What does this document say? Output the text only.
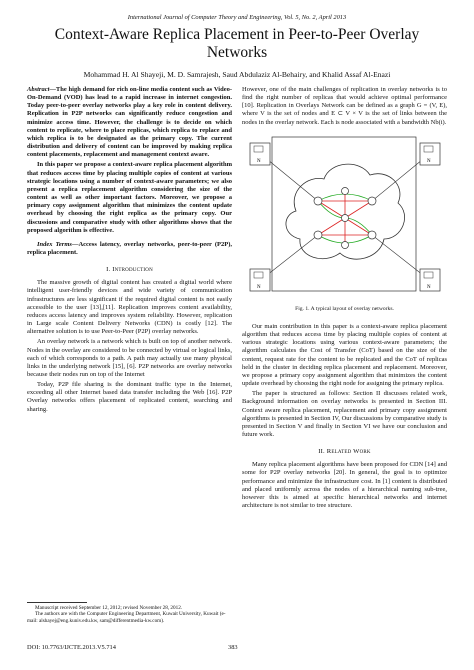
International Journal of Computer Theory and Engineering, Vol. 5, No. 2, April 2013
Context-Aware Replica Placement in Peer-to-Peer Overlay Networks
Mohammad H. Al Shayeji, M. D. Samrajesh, Saud Abdulaziz Al-Behairy, and Khalid Assaf Al-Enazi

Abstract—The high demand for rich on-line media content such as Video-On-Demand (VOD) has lead to a rapid increase in internet congestion. Today peer-to-peer overlay networks play a key role in content delivery. Replication in P2P networks can significantly reduce congestion and minimize access time. However, the challenge is to decide on which content to replicate, where to place replicas, which replica to replace and which replica is to be designated as the primary copy. The current distribution and delivery of content can be improved by making replica content placements, replacement and management context aware.

In this paper we propose a context-aware replica placement algorithm that reduces access time by placing multiple copies of content at various strategic locations using a number of context-aware parameters; we also present a replica replacement algorithm considering the size of the content as well as other important factors. Moreover, we propose a primary copy assignment algorithm that minimizes the content update overhead by choosing the right replica as the primary copy. Our discussions and comparative study with other algorithms shows that the proposed algorithm is effective.

Index Terms—Access latency, overlay networks, peer-to-peer (P2P), replica placement.

I. Introduction

The massive growth of digital content has created a digital world where intelligent user-friendly devices and wide variety of communication infrastructures are less significant if the required digital content is not easily accessible to the user [13],[11]. Replication improves content availability, reduces access latency and improves system reliability. However, replication in Large scale Content Delivery Networks (CDN) is costly [12]. The alternative solution is to use Peer-to-Peer (P2P) overlay networks.

An overlay network is a network which is built on top of another network. Nodes in the overlay are considered to be connected by virtual or logical links, each of which corresponds to a path. A path may actually use many physical links in the underlying network [15], [6]. P2P networks are overlay networks because their nodes run on top of the Internet

Today, P2P file sharing is the dominant traffic type in the Internet, exceeding all other Internet based data transfer including the Web [16]. P2P Overlay networks offers placement of replicated content, searching and sharing.

However, one of the main challenges of replication in overlay networks is to find the right number of replicas that would achieve optimal performance [10]. Replication in Overlays Network can be defined as a graph G = (V, E), where V is the set of nodes and E ⊂ V × V is the set of links between the nodes in the overlay network. Each is node associated with a bandwidth Nb(i).

N	N
N	N
Fig. 1. A typical layout of overlay networks.

Our main contribution in this paper is a context-aware replica placement algorithm that reduces access time by placing multiple copies of content at various strategic locations using various context-aware parameters; the algorithm calculates the Cost of Transfer (CoT) based on the size of the content, request rate for the content to be replicated and the CoT of replicas held in the cluster in deciding replica placement and replacement. Moreover, we propose a primary copy assignment algorithm that minimizes the content update overhead by choosing the right node for assigning the primary replica.

The paper is structured as follows: Section II discusses related work, Background information on overlay networks is presented in Section III. Context aware replica placement, replacement and primary copy assignment algorithms is presented in Section IV, Our discussions by comparative study is presented in Section V and finally in Section VI we have our conclusion and future work.

II. Related Work

Many replica placement algorithms have been proposed for CDN [14] and some for P2P overlay networks [20]. In general, the goal is to optimize performance and minimize the infrastructure cost. In [1] content is distributed and placed uniformly across the nodes of a hierarchical naming sub-tree, however this is aimed at specific hierarchical networks and internet architecture is not similar to tree structure.

Manuscript received September 12, 2012; revised November 28, 2012.

The authors are with the Computer Engineering Department, Kuwait University, Kuwait (e-mail: alshayej@eng.kuniv.edu.kw, sam@differentmedia-kw.com).

DOI: 10.7763/IJCTE.2013.V5.714	383
